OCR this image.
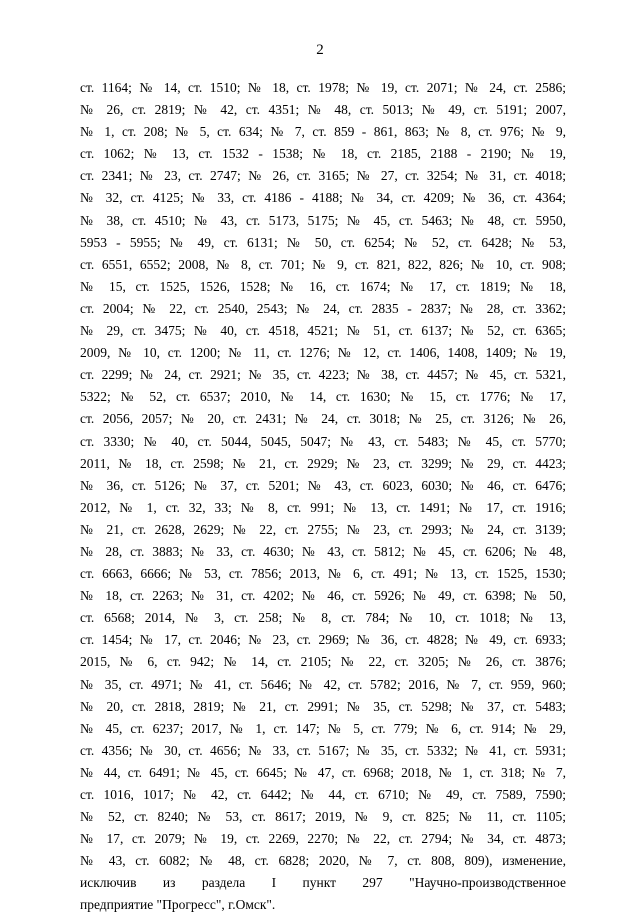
2
ст. 1164; № 14, ст. 1510; № 18, ст. 1978; № 19, ст. 2071; № 24, ст. 2586;
№ 26, ст. 2819; № 42, ст. 4351; № 48, ст. 5013; № 49, ст. 5191; 2007,
№ 1, ст. 208; № 5, ст. 634; № 7, ст. 859 - 861, 863; № 8, ст. 976; № 9,
ст. 1062; № 13, ст. 1532 - 1538; № 18, ст. 2185, 2188 - 2190; № 19,
ст. 2341; № 23, ст. 2747; № 26, ст. 3165; № 27, ст. 3254; № 31, ст. 4018;
№ 32, ст. 4125; № 33, ст. 4186 - 4188; № 34, ст. 4209; № 36, ст. 4364;
№ 38, ст. 4510; № 43, ст. 5173, 5175; № 45, ст. 5463; № 48, ст. 5950,
5953 - 5955; № 49, ст. 6131; № 50, ст. 6254; № 52, ст. 6428; № 53,
ст. 6551, 6552; 2008, № 8, ст. 701; № 9, ст. 821, 822, 826; № 10, ст. 908;
№ 15, ст. 1525, 1526, 1528; № 16, ст. 1674; № 17, ст. 1819; № 18,
ст. 2004; № 22, ст. 2540, 2543; № 24, ст. 2835 - 2837; № 28, ст. 3362;
№ 29, ст. 3475; № 40, ст. 4518, 4521; № 51, ст. 6137; № 52, ст. 6365;
2009, № 10, ст. 1200; № 11, ст. 1276; № 12, ст. 1406, 1408, 1409; № 19,
ст. 2299; № 24, ст. 2921; № 35, ст. 4223; № 38, ст. 4457; № 45, ст. 5321,
5322; № 52, ст. 6537; 2010, № 14, ст. 1630; № 15, ст. 1776; № 17,
ст. 2056, 2057; № 20, ст. 2431; № 24, ст. 3018; № 25, ст. 3126; № 26,
ст. 3330; № 40, ст. 5044, 5045, 5047; № 43, ст. 5483; № 45, ст. 5770;
2011, № 18, ст. 2598; № 21, ст. 2929; № 23, ст. 3299; № 29, ст. 4423;
№ 36, ст. 5126; № 37, ст. 5201; № 43, ст. 6023, 6030; № 46, ст. 6476;
2012, № 1, ст. 32, 33; № 8, ст. 991; № 13, ст. 1491; № 17, ст. 1916;
№ 21, ст. 2628, 2629; № 22, ст. 2755; № 23, ст. 2993; № 24, ст. 3139;
№ 28, ст. 3883; № 33, ст. 4630; № 43, ст. 5812; № 45, ст. 6206; № 48,
ст. 6663, 6666; № 53, ст. 7856; 2013, № 6, ст. 491; № 13, ст. 1525, 1530;
№ 18, ст. 2263; № 31, ст. 4202; № 46, ст. 5926; № 49, ст. 6398; № 50,
ст. 6568; 2014, № 3, ст. 258; № 8, ст. 784; № 10, ст. 1018; № 13,
ст. 1454; № 17, ст. 2046; № 23, ст. 2969; № 36, ст. 4828; № 49, ст. 6933;
2015, № 6, ст. 942; № 14, ст. 2105; № 22, ст. 3205; № 26, ст. 3876;
№ 35, ст. 4971; № 41, ст. 5646; № 42, ст. 5782; 2016, № 7, ст. 959, 960;
№ 20, ст. 2818, 2819; № 21, ст. 2991; № 35, ст. 5298; № 37, ст. 5483;
№ 45, ст. 6237; 2017, № 1, ст. 147; № 5, ст. 779; № 6, ст. 914; № 29,
ст. 4356; № 30, ст. 4656; № 33, ст. 5167; № 35, ст. 5332; № 41, ст. 5931;
№ 44, ст. 6491; № 45, ст. 6645; № 47, ст. 6968; 2018, № 1, ст. 318; № 7,
ст. 1016, 1017; № 42, ст. 6442; № 44, ст. 6710; № 49, ст. 7589, 7590;
№ 52, ст. 8240; № 53, ст. 8617; 2019, № 9, ст. 825; № 11, ст. 1105;
№ 17, ст. 2079; № 19, ст. 2269, 2270; № 22, ст. 2794; № 34, ст. 4873;
№ 43, ст. 6082; № 48, ст. 6828; 2020, № 7, ст. 808, 809), изменение,
исключив из раздела I пункт 297 "Научно-производственное
предприятие "Прогресс", г.Омск".
